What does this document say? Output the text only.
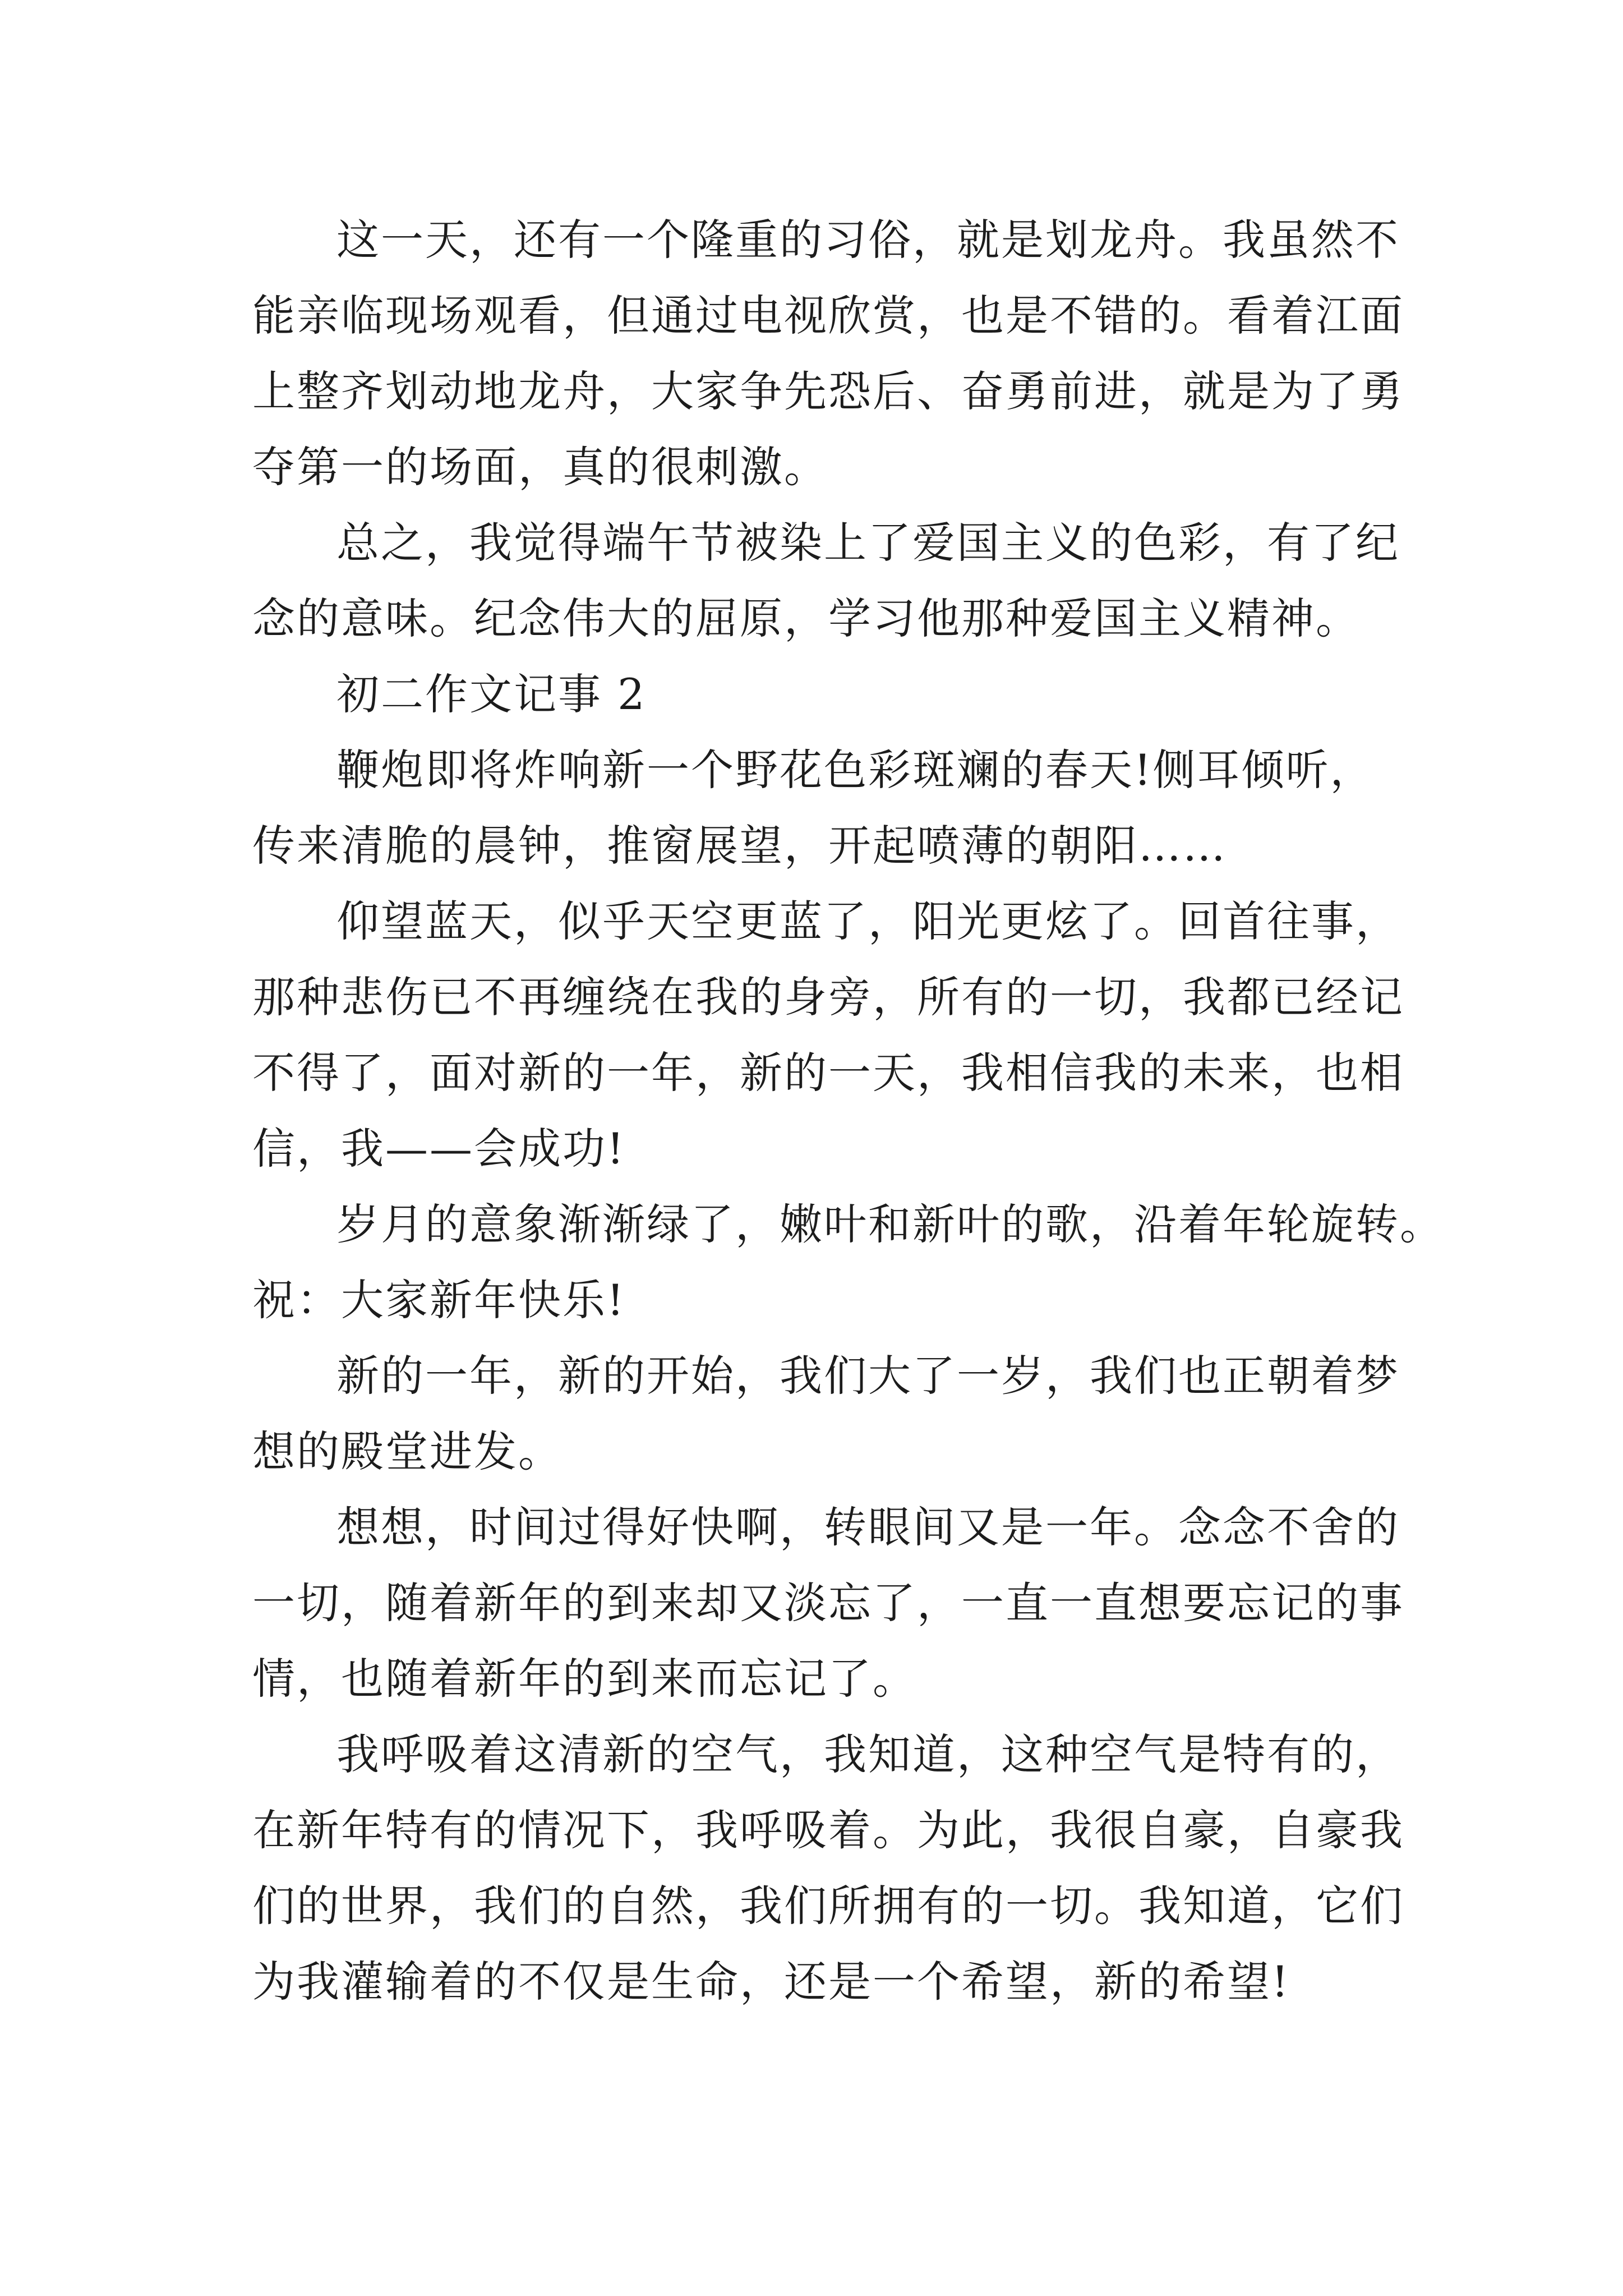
这一天，还有一个隆重的习俗，就是划龙舟。我虽然不
能亲临现场观看，但通过电视欣赏，也是不错的。看着江面
上整齐划动地龙舟，大家争先恐后、奋勇前进，就是为了勇
夺第一的场面，真的很刺激。
总之，我觉得端午节被染上了爱国主义的色彩，有了纪
念的意味。纪念伟大的屈原，学习他那种爱国主义精神。
初二作文记事 2
鞭炮即将炸响新一个野花色彩斑斓的春天!侧耳倾听，
传来清脆的晨钟，推窗展望，开起喷薄的朝阳……
仰望蓝天，似乎天空更蓝了，阳光更炫了。回首往事，
那种悲伤已不再缠绕在我的身旁，所有的一切，我都已经记
不得了，面对新的一年，新的一天，我相信我的未来，也相
信，我——会成功!
岁月的意象渐渐绿了，嫩叶和新叶的歌，沿着年轮旋转。
祝：大家新年快乐!
新的一年，新的开始，我们大了一岁，我们也正朝着梦
想的殿堂进发。
想想，时间过得好快啊，转眼间又是一年。念念不舍的
一切，随着新年的到来却又淡忘了，一直一直想要忘记的事
情，也随着新年的到来而忘记了。
我呼吸着这清新的空气，我知道，这种空气是特有的，
在新年特有的情况下，我呼吸着。为此，我很自豪，自豪我
们的世界，我们的自然，我们所拥有的一切。我知道，它们
为我灌输着的不仅是生命，还是一个希望，新的希望!
